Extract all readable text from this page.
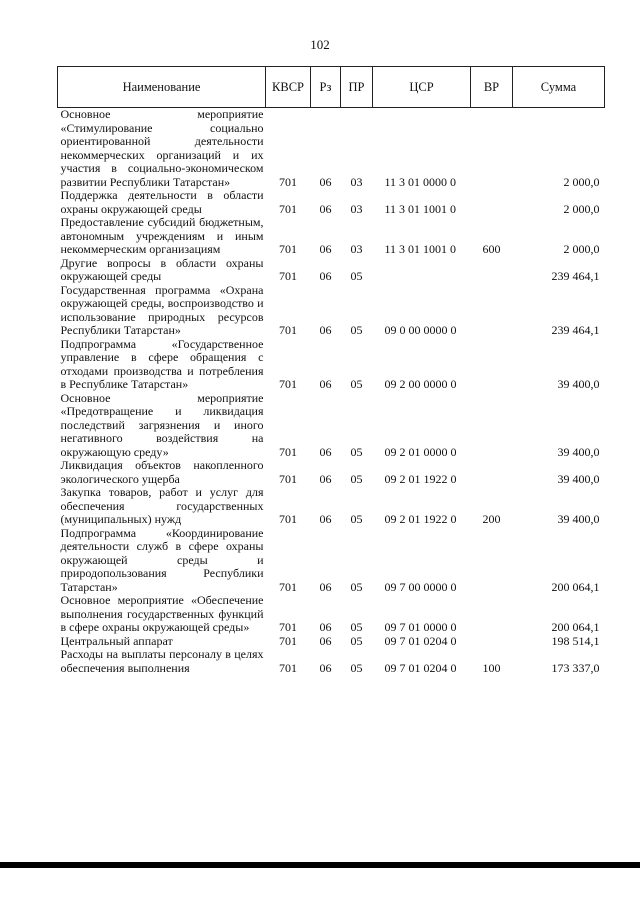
102
Наименование	КВСР	Рз	ПР	ЦСР	ВР	Сумма
Основное мероприятие «Стимулирование социально ориентированной деятельности некоммерческих организаций и их участия в социально-экономическом развитии Республики Татарстан»	701	06	03	11 3 01 0000 0		2 000,0
Поддержка деятельности в области охраны окружающей среды	701	06	03	11 3 01 1001 0		2 000,0
Предоставление субсидий бюджетным, автономным учреждениям и иным некоммерческим организациям	701	06	03	11 3 01 1001 0	600	2 000,0
Другие вопросы в области охраны окружающей среды	701	06	05			239 464,1
Государственная программа «Охрана окружающей среды, воспроизводство и использование природных ресурсов Республики Татарстан»	701	06	05	09 0 00 0000 0		239 464,1
Подпрограмма «Государственное управление в сфере обращения с отходами производства и потребления в Республике Татарстан»	701	06	05	09 2 00 0000 0		39 400,0
Основное мероприятие «Предотвращение и ликвидация последствий загрязнения и иного негативного воздействия на окружающую среду»	701	06	05	09 2 01 0000 0		39 400,0
Ликвидация объектов накопленного экологического ущерба	701	06	05	09 2 01 1922 0		39 400,0
Закупка товаров, работ и услуг для обеспечения государственных (муниципальных) нужд	701	06	05	09 2 01 1922 0	200	39 400,0
Подпрограмма «Координирование деятельности служб в сфере охраны окружающей среды и природопользования Республики Татарстан»	701	06	05	09 7 00 0000 0		200 064,1
Основное мероприятие «Обеспечение выполнения государственных функций в сфере охраны окружающей среды»	701	06	05	09 7 01 0000 0		200 064,1
Центральный аппарат	701	06	05	09 7 01 0204 0		198 514,1
Расходы на выплаты персоналу в целях обеспечения выполнения	701	06	05	09 7 01 0204 0	100	173 337,0
